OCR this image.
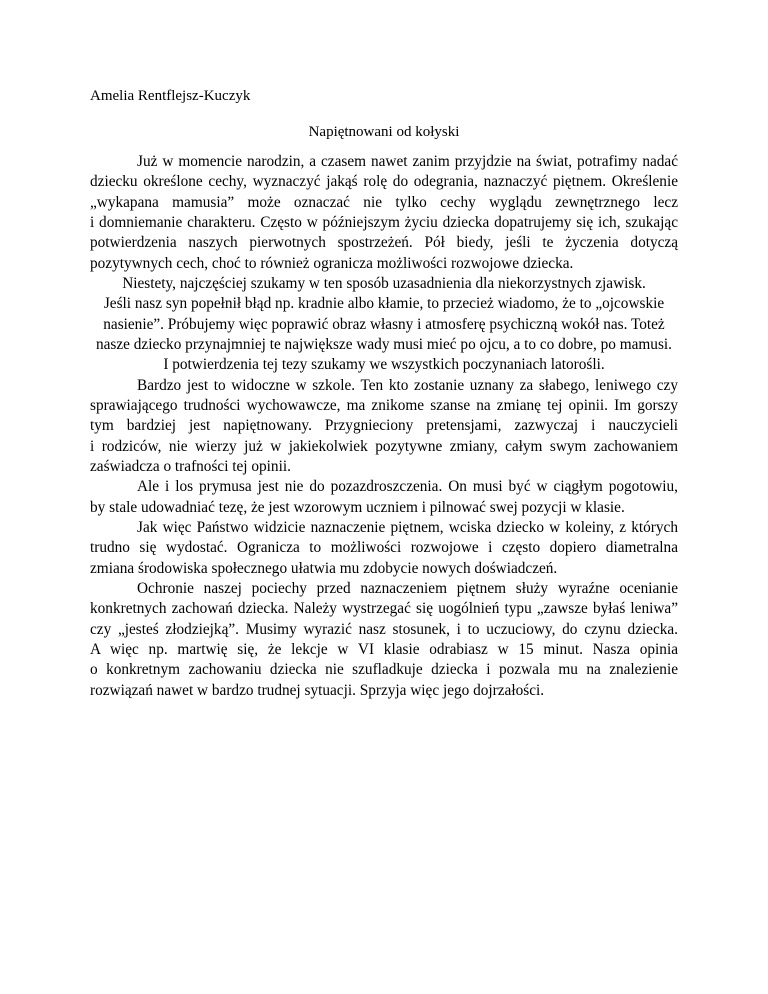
Amelia Rentflejsz-Kuczyk
Napiętnowani od kołyski
Już w momencie narodzin, a czasem nawet zanim przyjdzie na świat, potrafimy nadać
dziecku określone cechy, wyznaczyć jakąś rolę do odegrania, naznaczyć piętnem. Określenie
„wykapana mamusia” może oznaczać nie tylko cechy wyglądu zewnętrznego lecz
i domniemanie charakteru. Często w późniejszym życiu dziecka dopatrujemy się ich, szukając
potwierdzenia naszych pierwotnych spostrzeżeń. Pół biedy, jeśli te życzenia dotyczą
pozytywnych cech, choć to również ogranicza możliwości rozwojowe dziecka.
Niestety, najczęściej szukamy w ten sposób uzasadnienia dla niekorzystnych zjawisk.
Jeśli nasz syn popełnił błąd np. kradnie albo kłamie, to przecież wiadomo, że to „ojcowskie
nasienie”. Próbujemy więc poprawić obraz własny i atmosferę psychiczną wokół nas. Toteż
nasze dziecko przynajmniej te największe wady musi mieć po ojcu, a to co dobre, po mamusi.
I potwierdzenia tej tezy szukamy we wszystkich poczynaniach latorośli.
Bardzo jest to widoczne w szkole. Ten kto zostanie uznany za słabego, leniwego czy
sprawiającego trudności wychowawcze, ma znikome szanse na zmianę tej opinii. Im gorszy
tym bardziej jest napiętnowany. Przygnieciony pretensjami, zazwyczaj i nauczycieli
i rodziców, nie wierzy już w jakiekolwiek pozytywne zmiany, całym swym zachowaniem
zaświadcza o trafności tej opinii.
Ale i los prymusa jest nie do pozazdroszczenia. On musi być w ciągłym pogotowiu,
by stale udowadniać tezę, że jest wzorowym uczniem i pilnować swej pozycji w klasie.
Jak więc Państwo widzicie naznaczenie piętnem, wciska dziecko w koleiny, z których
trudno się wydostać. Ogranicza to możliwości rozwojowe i często dopiero diametralna
zmiana środowiska społecznego ułatwia mu zdobycie nowych doświadczeń.
Ochronie naszej pociechy przed naznaczeniem piętnem służy wyraźne ocenianie
konkretnych zachowań dziecka. Należy wystrzegać się uogólnień typu „zawsze byłaś leniwa”
czy „jesteś złodziejką”. Musimy wyrazić nasz stosunek, i to uczuciowy, do czynu dziecka.
A więc np. martwię się, że lekcje w VI klasie odrabiasz w 15 minut. Nasza opinia
o konkretnym zachowaniu dziecka nie szufladkuje dziecka i pozwala mu na znalezienie
rozwiązań nawet w bardzo trudnej sytuacji. Sprzyja więc jego dojrzałości.
